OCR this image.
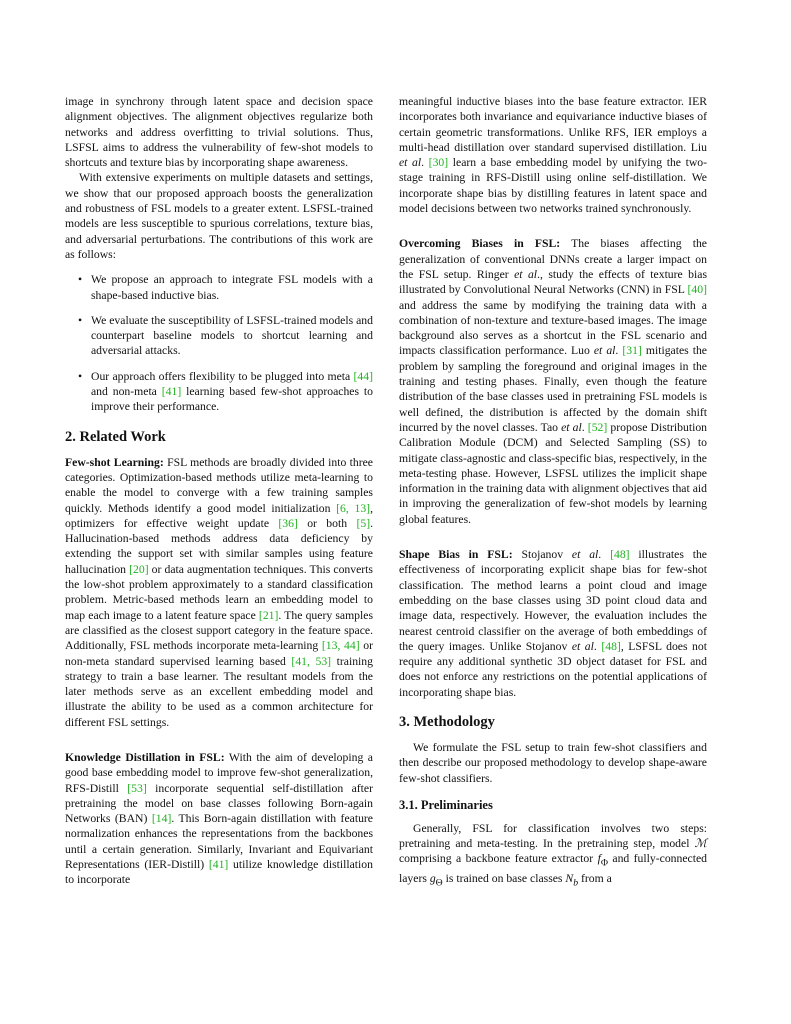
image in synchrony through latent space and decision space alignment objectives. The alignment objectives regularize both networks and address overfitting to trivial solutions. Thus, LSFSL aims to address the vulnerability of few-shot models to shortcuts and texture bias by incorporating shape awareness.

With extensive experiments on multiple datasets and settings, we show that our proposed approach boosts the generalization and robustness of FSL models to a greater extent. LSFSL-trained models are less susceptible to spurious correlations, texture bias, and adversarial perturbations. The contributions of this work are as follows:

• We propose an approach to integrate FSL models with a shape-based inductive bias.
• We evaluate the susceptibility of LSFSL-trained models and counterpart baseline models to shortcut learning and adversarial attacks.
• Our approach offers flexibility to be plugged into meta [44] and non-meta [41] learning based few-shot approaches to improve their performance.
2. Related Work

Few-shot Learning: FSL methods are broadly divided into three categories. Optimization-based methods utilize meta-learning to enable the model to converge with a few training samples quickly. Methods identify a good model initialization [6, 13], optimizers for effective weight update [36] or both [5]. Hallucination-based methods address data deficiency by extending the support set with similar samples using feature hallucination [20] or data augmentation techniques. This converts the low-shot problem approximately to a standard classification problem. Metric-based methods learn an embedding model to map each image to a latent feature space [21]. The query samples are classified as the closest support category in the feature space. Additionally, FSL methods incorporate meta-learning [13, 44] or non-meta standard supervised learning based [41, 53] training strategy to train a base learner. The resultant models from the later methods serve as an excellent embedding model and illustrate the ability to be used as a common architecture for different FSL settings.

Knowledge Distillation in FSL: With the aim of developing a good base embedding model to improve few-shot generalization, RFS-Distill [53] incorporate sequential self-distillation after pretraining the model on base classes following Born-again Networks (BAN) [14]. This Born-again distillation with feature normalization enhances the representations from the backbones until a certain generation. Similarly, Invariant and Equivariant Representations (IER-Distill) [41] utilize knowledge distillation to incorporate

meaningful inductive biases into the base feature extractor. IER incorporates both invariance and equivariance inductive biases of certain geometric transformations. Unlike RFS, IER employs a multi-head distillation over standard supervised distillation. Liu et al. [30] learn a base embedding model by unifying the two-stage training in RFS-Distill using online self-distillation. We incorporate shape bias by distilling features in latent space and model decisions between two networks trained synchronously.

Overcoming Biases in FSL: The biases affecting the generalization of conventional DNNs create a larger impact on the FSL setup. Ringer et al., study the effects of texture bias illustrated by Convolutional Neural Networks (CNN) in FSL [40] and address the same by modifying the training data with a combination of non-texture and texture-based images. The image background also serves as a shortcut in the FSL scenario and impacts classification performance. Luo et al. [31] mitigates the problem by sampling the foreground and original images in the training and testing phases. Finally, even though the feature distribution of the base classes used in pretraining FSL models is well defined, the distribution is affected by the domain shift incurred by the novel classes. Tao et al. [52] propose Distribution Calibration Module (DCM) and Selected Sampling (SS) to mitigate class-agnostic and class-specific bias, respectively, in the meta-testing phase. However, LSFSL utilizes the implicit shape information in the training data with alignment objectives that aid in improving the generalization of few-shot models by learning global features.

Shape Bias in FSL: Stojanov et al. [48] illustrates the effectiveness of incorporating explicit shape bias for few-shot classification. The method learns a point cloud and image embedding on the base classes using 3D point cloud data and image data, respectively. However, the evaluation includes the nearest centroid classifier on the average of both embeddings of the query images. Unlike Stojanov et al. [48], LSFSL does not require any additional synthetic 3D object dataset for FSL and does not enforce any restrictions on the potential applications of incorporating shape bias.

3. Methodology

We formulate the FSL setup to train few-shot classifiers and then describe our proposed methodology to develop shape-aware few-shot classifiers.

3.1. Preliminaries

Generally, FSL for classification involves two steps: pretraining and meta-testing. In the pretraining step, model ℳ comprising a backbone feature extractor $f_\Phi$ and fully-connected layers $g_\Theta$ is trained on base classes $N_b$ from a
